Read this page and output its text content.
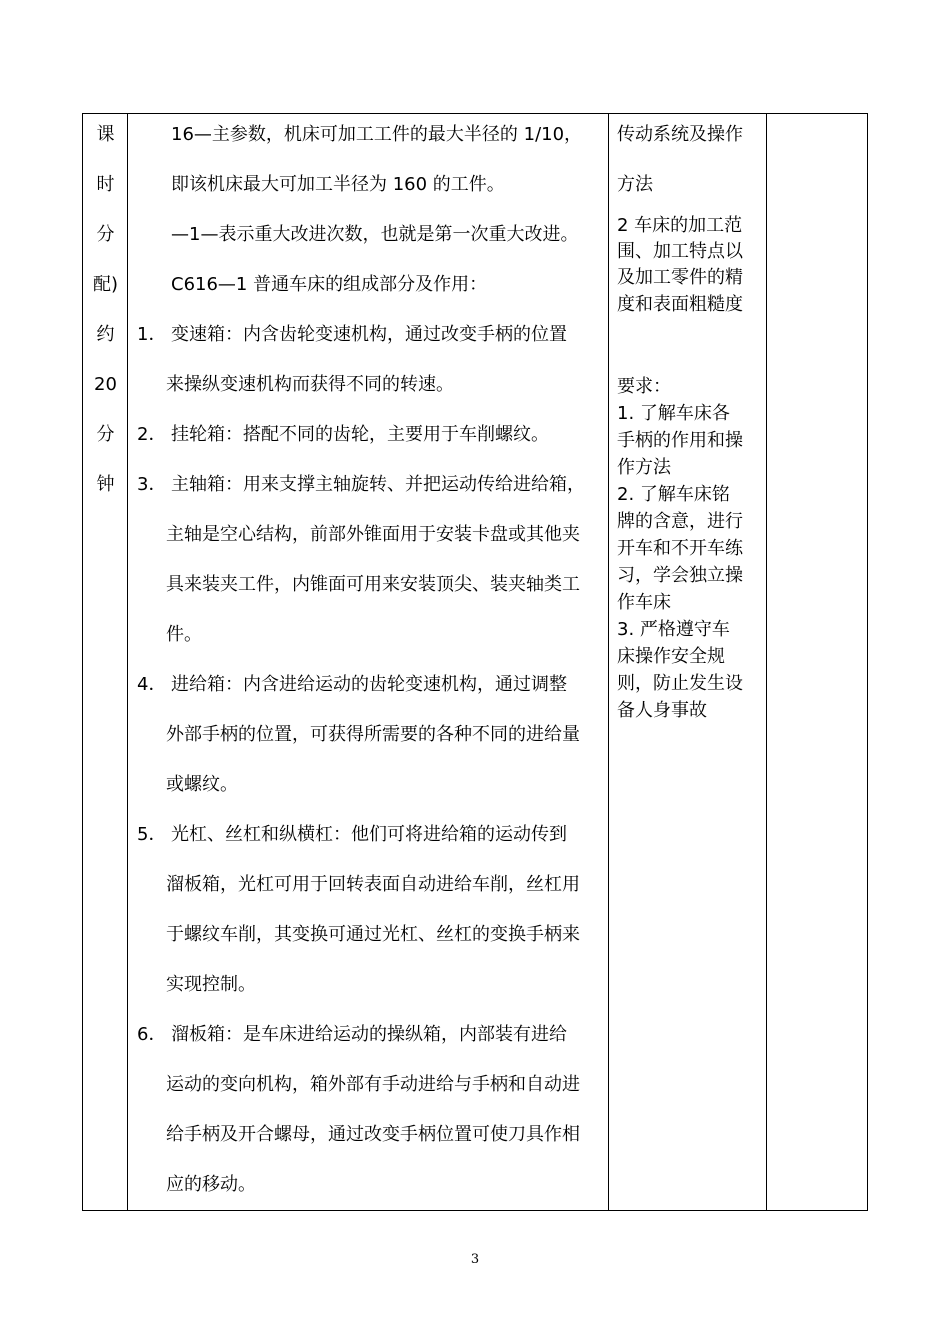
课
时
分
配)
约
20
分
钟
16—主参数，机床可加工工件的最大半径的 1/10，
即该机床最大可加工半径为 160 的工件。
—1—表示重大改进次数，也就是第一次重大改进。
C616—1 普通车床的组成部分及作用：
1． 变速箱：内含齿轮变速机构，通过改变手柄的位置
来操纵变速机构而获得不同的转速。
2． 挂轮箱：搭配不同的齿轮，主要用于车削螺纹。
3． 主轴箱：用来支撑主轴旋转、并把运动传给进给箱，
主轴是空心结构，前部外锥面用于安装卡盘或其他夹
具来装夹工件，内锥面可用来安装顶尖、装夹轴类工
件。
4． 进给箱：内含进给运动的齿轮变速机构，通过调整
外部手柄的位置，可获得所需要的各种不同的进给量
或螺纹。
5． 光杠、丝杠和纵横杠：他们可将进给箱的运动传到
溜板箱，光杠可用于回转表面自动进给车削，丝杠用
于螺纹车削，其变换可通过光杠、丝杠的变换手柄来
实现控制。
6． 溜板箱：是车床进给运动的操纵箱，内部装有进给
运动的变向机构，箱外部有手动进给与手柄和自动进
给手柄及开合螺母，通过改变手柄位置可使刀具作相
应的移动。
传动系统及操作
方法
2 车床的加工范
围、加工特点以
及加工零件的精
度和表面粗糙度
要求：
1. 了解车床各
手柄的作用和操
作方法
2. 了解车床铭
牌的含意，进行
开车和不开车练
习，学会独立操
作车床
3. 严格遵守车
床操作安全规
则，防止发生设
备人身事故
3
